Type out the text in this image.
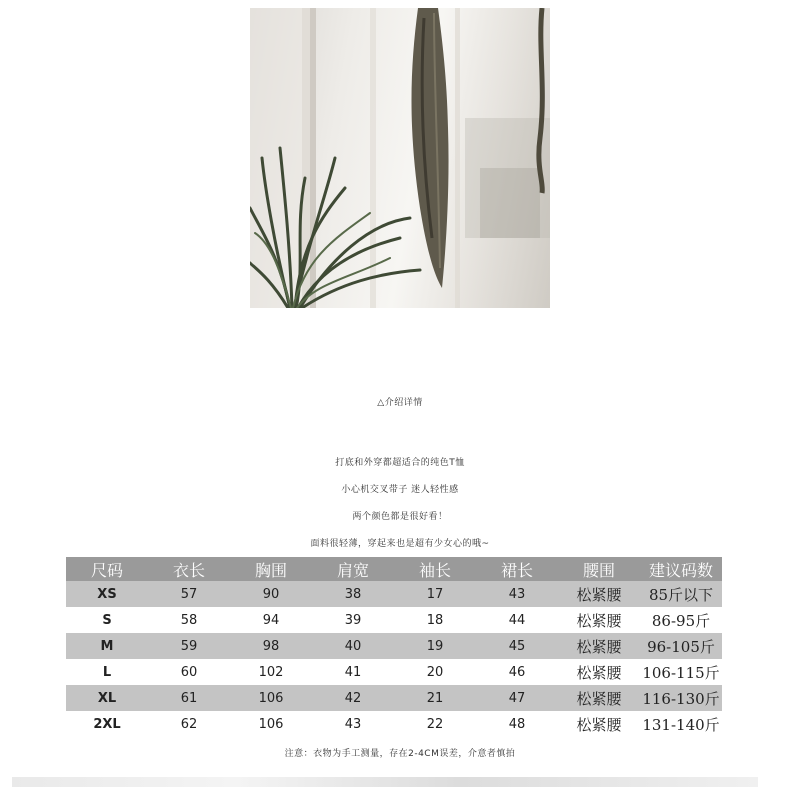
△介绍详情
打底和外穿都超适合的纯色T恤
小心机交叉带子 迷人轻性感
两个颜色都是很好看！
面料很轻薄，穿起来也是超有少女心的哦~
尺码	衣长	胸围	肩宽	袖长	裙长	腰围	建议码数
XS	57	90	38	17	43	松紧腰	85斤以下
S	58	94	39	18	44	松紧腰	86-95斤
M	59	98	40	19	45	松紧腰	96-105斤
L	60	102	41	20	46	松紧腰	106-115斤
XL	61	106	42	21	47	松紧腰	116-130斤
2XL	62	106	43	22	48	松紧腰	131-140斤
注意：衣物为手工测量，存在2-4CM误差，介意者慎拍
